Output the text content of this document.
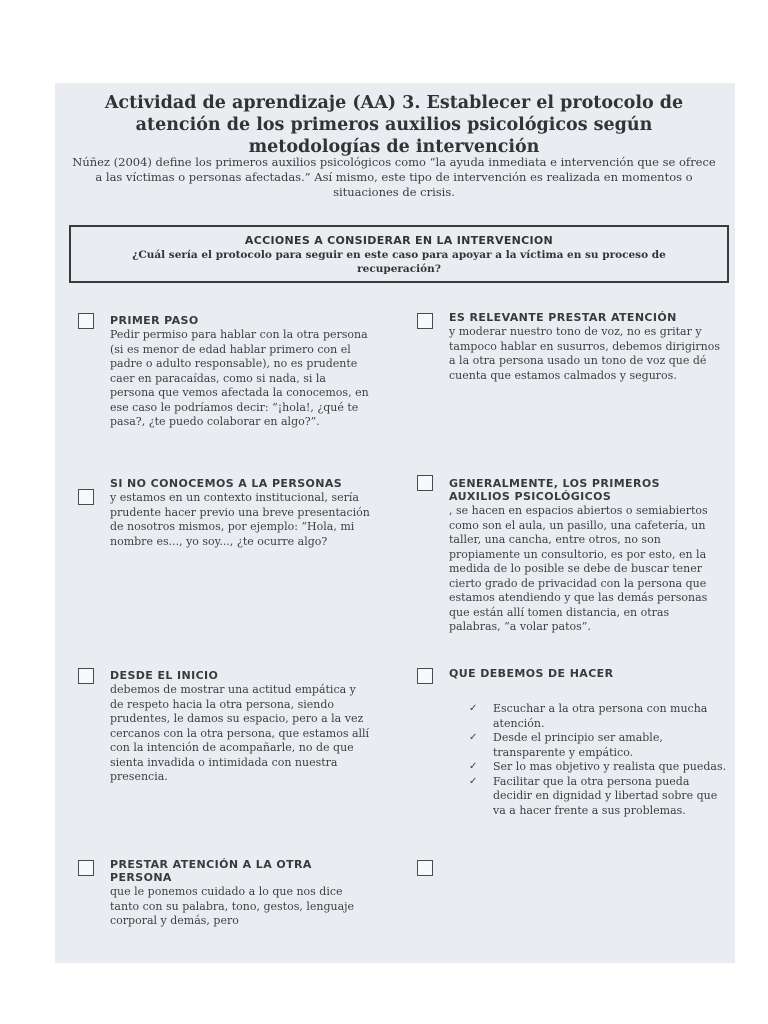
Actividad de aprendizaje (AA) 3. Establecer el protocolo de atención de los primeros auxilios psicológicos según metodologías de intervención
Núñez (2004) define los primeros auxilios psicológicos como “la ayuda inmediata e intervención que se ofrece a las víctimas o personas afectadas.” Así mismo, este tipo de intervención es realizada en momentos o situaciones de crisis.
ACCIONES A CONSIDERAR EN LA INTERVENCION
¿Cuál sería el protocolo para seguir en este caso para apoyar a la víctima en su proceso de recuperación?
PRIMER PASO
Pedir permiso para hablar con la otra persona (si es menor de edad hablar primero con el padre o adulto responsable), no es prudente caer en paracaídas, como si nada, si la persona que vemos afectada la conocemos, en ese caso le podríamos decir: “¡hola!, ¿qué te pasa?, ¿te puedo colaborar en algo?”.
ES RELEVANTE PRESTAR ATENCIÓN
y moderar nuestro tono de voz, no es gritar y tampoco hablar en susurros, debemos dirigirnos a la otra persona usado un tono de voz que dé cuenta que estamos calmados y seguros.
SI NO CONOCEMOS A LA PERSONAS
y estamos en un contexto institucional, sería prudente hacer previo una breve presentación de nosotros mismos, por ejemplo: “Hola, mi nombre es..., yo soy..., ¿te ocurre algo?
GENERALMENTE, LOS PRIMEROS AUXILIOS PSICOLÓGICOS
, se hacen en espacios abiertos o semiabiertos como son el aula, un pasillo, una cafetería, un taller, una cancha, entre otros, no son propiamente un consultorio, es por esto, en la medida de lo posible se debe de buscar tener cierto grado de privacidad con la persona que estamos atendiendo y que las demás personas que están allí tomen distancia, en otras palabras, “a volar patos”.
DESDE EL INICIO
debemos de mostrar una actitud empática y de respeto hacia la otra persona, siendo prudentes, le damos su espacio, pero a la vez cercanos con la otra persona, que estamos allí con la intención de acompañarle, no de que sienta invadida o intimidada con nuestra presencia.
QUE DEBEMOS DE HACER
✓ Escuchar a la otra persona con mucha atención.
✓ Desde el principio ser amable, transparente y empático.
✓ Ser lo mas objetivo y realista que puedas.
✓ Facilitar que la otra persona pueda decidir en dignidad y libertad sobre que va a hacer frente a sus problemas.
PRESTAR ATENCIÓN A LA OTRA PERSONA
que le ponemos cuidado a lo que nos dice tanto con su palabra, tono, gestos, lenguaje corporal y demás, pero
